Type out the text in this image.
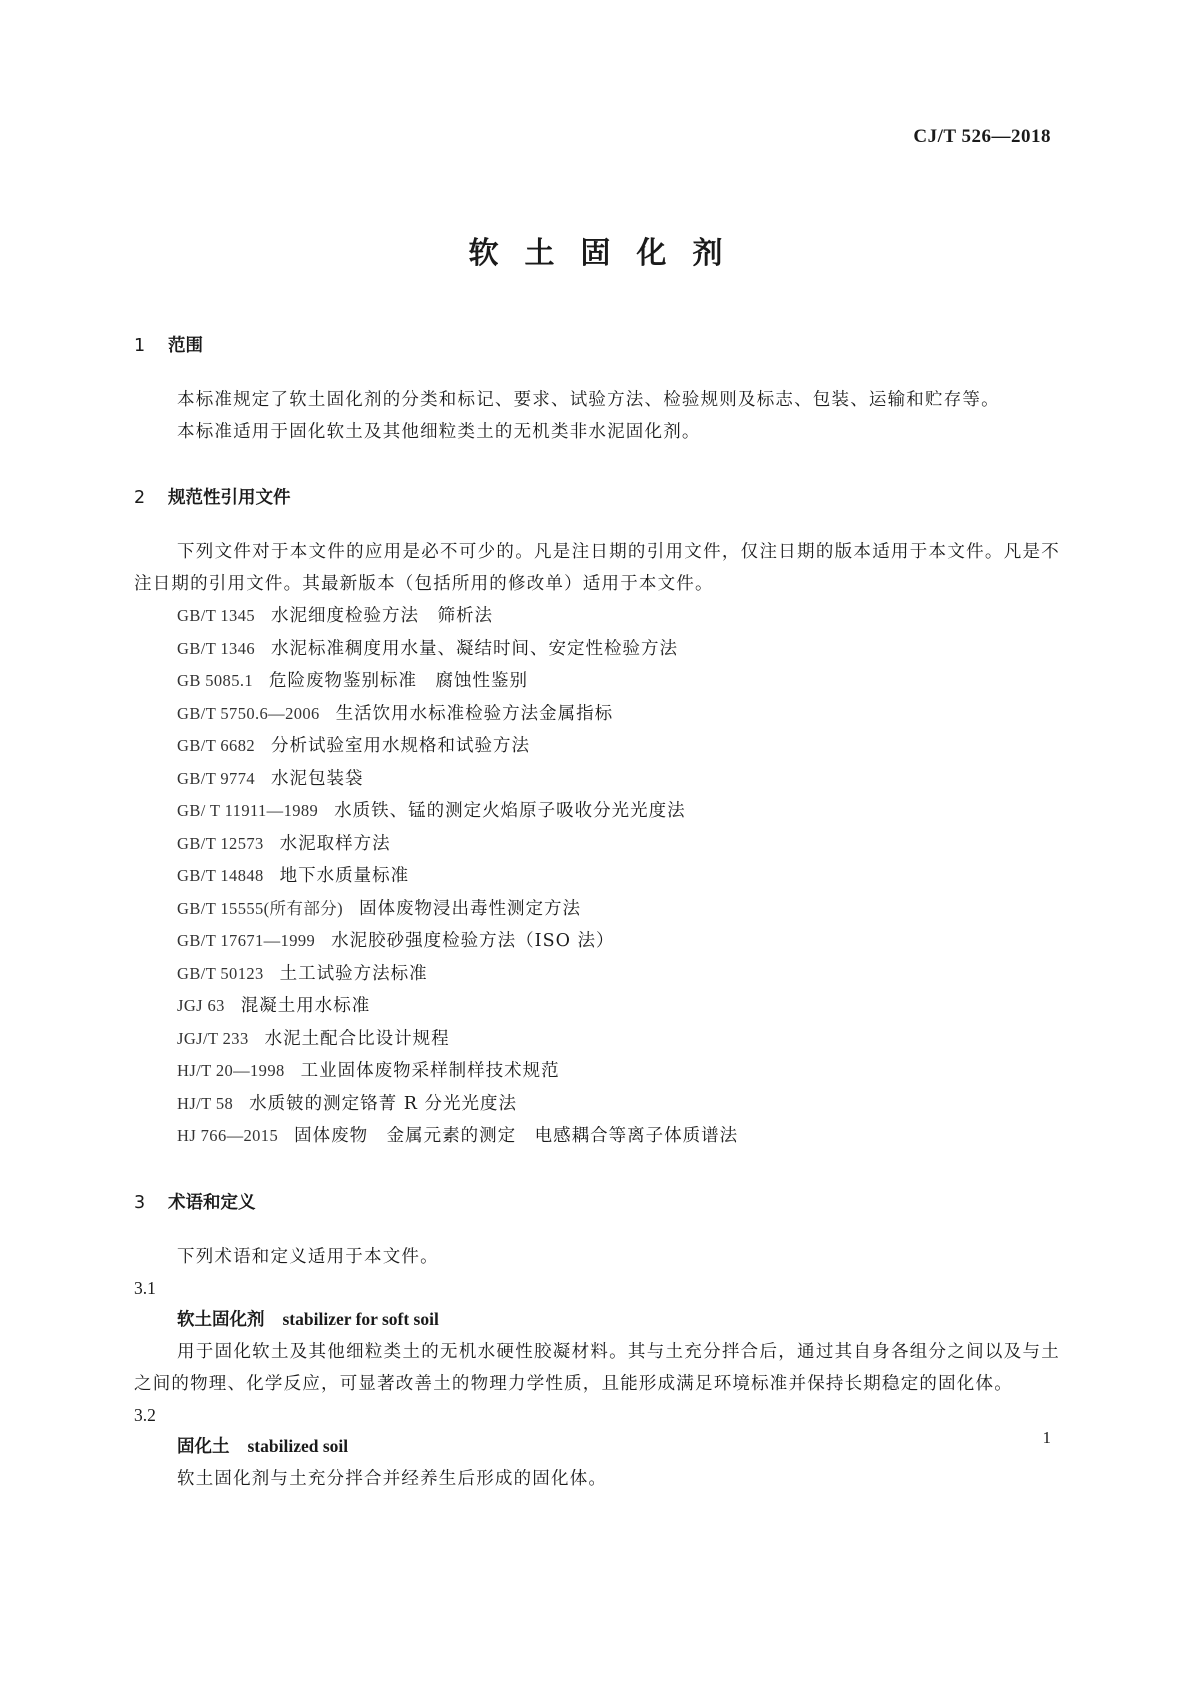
CJ/T 526—2018
软土固化剂
1 范围
本标准规定了软土固化剂的分类和标记、要求、试验方法、检验规则及标志、包装、运输和贮存等。
本标准适用于固化软土及其他细粒类土的无机类非水泥固化剂。
2 规范性引用文件
下列文件对于本文件的应用是必不可少的。凡是注日期的引用文件，仅注日期的版本适用于本文件。凡是不注日期的引用文件。其最新版本（包括所用的修改单）适用于本文件。
GB/T 1345 水泥细度检验方法　筛析法
GB/T 1346 水泥标准稠度用水量、凝结时间、安定性检验方法
GB 5085.1 危险废物鉴别标准　腐蚀性鉴别
GB/T 5750.6—2006 生活饮用水标准检验方法金属指标
GB/T 6682 分析试验室用水规格和试验方法
GB/T 9774 水泥包装袋
GB/ T 11911—1989 水质铁、锰的测定火焰原子吸收分光光度法
GB/T 12573 水泥取样方法
GB/T 14848 地下水质量标准
GB/T 15555(所有部分) 固体废物浸出毒性测定方法
GB/T 17671—1999 水泥胶砂强度检验方法（ISO 法）
GB/T 50123 土工试验方法标准
JGJ 63 混凝土用水标准
JGJ/T 233 水泥土配合比设计规程
HJ/T 20—1998 工业固体废物采样制样技术规范
HJ/T 58 水质铍的测定铬菁 R 分光光度法
HJ 766—2015 固体废物　金属元素的测定　电感耦合等离子体质谱法
3 术语和定义
下列术语和定义适用于本文件。
3.1
软土固化剂 stabilizer for soft soil
用于固化软土及其他细粒类土的无机水硬性胶凝材料。其与土充分拌合后，通过其自身各组分之间以及与土之间的物理、化学反应，可显著改善土的物理力学性质，且能形成满足环境标准并保持长期稳定的固化体。
3.2
固化土 stabilized soil
软土固化剂与土充分拌合并经养生后形成的固化体。
1
